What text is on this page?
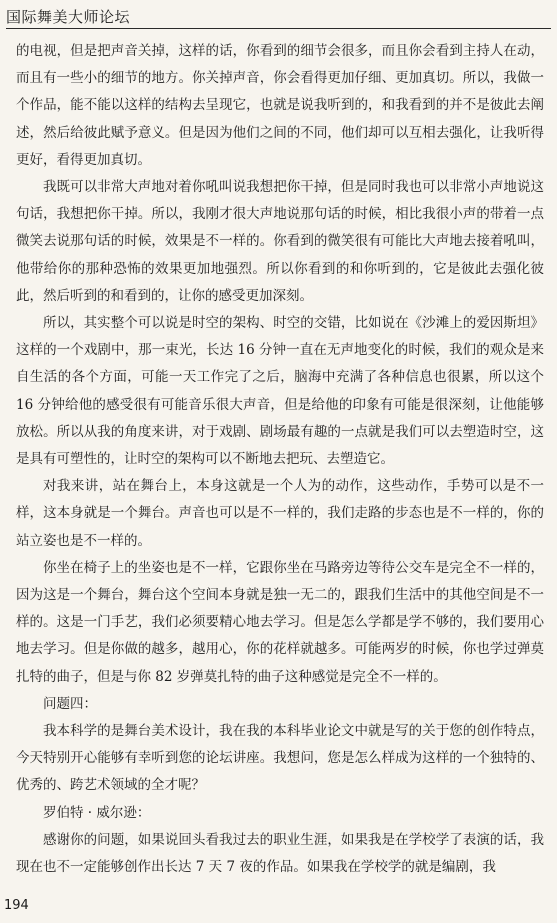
国际舞美大师论坛

的电视，但是把声音关掉，这样的话，你看到的细节会很多，而且你会看到主持人在动，而且有一些小的细节的地方。你关掉声音，你会看得更加仔细、更加真切。所以，我做一个作品，能不能以这样的结构去呈现它，也就是说我听到的，和我看到的并不是彼此去阐述，然后给彼此赋予意义。但是因为他们之间的不同，他们却可以互相去强化，让我听得更好，看得更加真切。

我既可以非常大声地对着你吼叫说我想把你干掉，但是同时我也可以非常小声地说这句话，我想把你干掉。所以，我刚才很大声地说那句话的时候，相比我很小声的带着一点微笑去说那句话的时候，效果是不一样的。你看到的微笑很有可能比大声地去接着吼叫，他带给你的那种恐怖的效果更加地强烈。所以你看到的和你听到的，它是彼此去强化彼此，然后听到的和看到的，让你的感受更加深刻。

所以，其实整个可以说是时空的架构、时空的交错，比如说在《沙滩上的爱因斯坦》这样的一个戏剧中，那一束光，长达 16 分钟一直在无声地变化的时候，我们的观众是来自生活的各个方面，可能一天工作完了之后，脑海中充满了各种信息也很累，所以这个 16 分钟给他的感受很有可能音乐很大声音，但是给他的印象有可能是很深刻，让他能够放松。所以从我的角度来讲，对于戏剧、剧场最有趣的一点就是我们可以去塑造时空，这是具有可塑性的，让时空的架构可以不断地去把玩、去塑造它。

对我来讲，站在舞台上，本身这就是一个人为的动作，这些动作，手势可以是不一样，这本身就是一个舞台。声音也可以是不一样的，我们走路的步态也是不一样的，你的站立姿也是不一样的。

你坐在椅子上的坐姿也是不一样，它跟你坐在马路旁边等待公交车是完全不一样的，因为这是一个舞台，舞台这个空间本身就是独一无二的，跟我们生活中的其他空间是不一样的。这是一门手艺，我们必须要精心地去学习。但是怎么学都是学不够的，我们要用心地去学习。但是你做的越多，越用心，你的花样就越多。可能两岁的时候，你也学过弹莫扎特的曲子，但是与你 82 岁弹莫扎特的曲子这种感觉是完全不一样的。

问题四：

我本科学的是舞台美术设计，我在我的本科毕业论文中就是写的关于您的创作特点，今天特别开心能够有幸听到您的论坛讲座。我想问，您是怎么样成为这样的一个独特的、优秀的、跨艺术领域的全才呢？

罗伯特 · 威尔逊：

感谢你的问题，如果说回头看我过去的职业生涯，如果我是在学校学了表演的话，我现在也不一定能够创作出长达 7 天 7 夜的作品。如果我在学校学的就是编剧，我

194
